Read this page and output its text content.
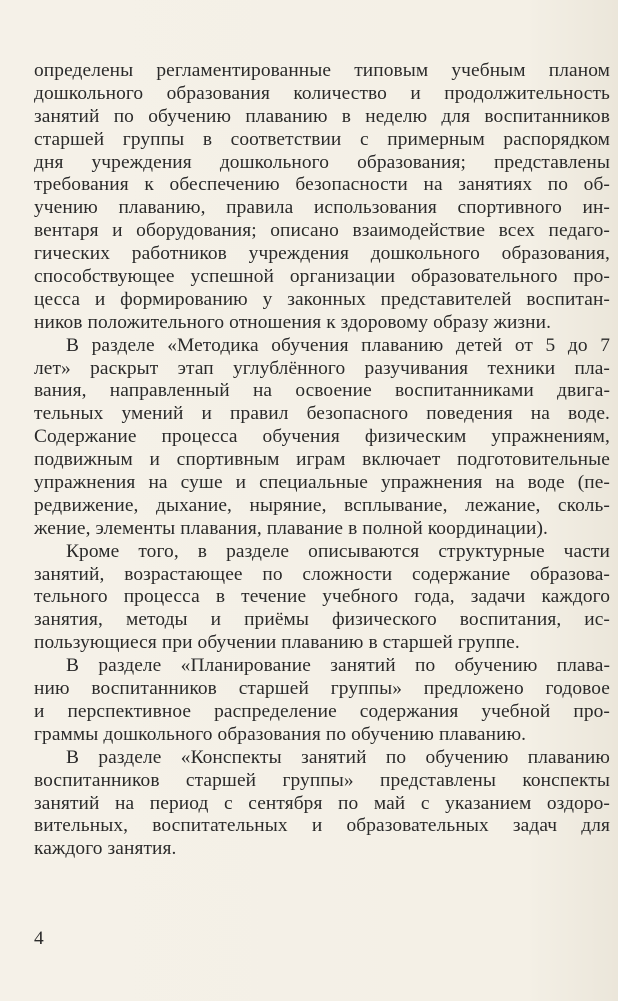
определены регламентированные типовым учебным планом
дошкольного образования количество и продолжительность
занятий по обучению плаванию в неделю для воспитанников
старшей группы в соответствии с примерным распорядком
дня учреждения дошкольного образования; представлены
требования к обеспечению безопасности на занятиях по об-
учению плаванию, правила использования спортивного ин-
вентаря и оборудования; описано взаимодействие всех педаго-
гических работников учреждения дошкольного образования,
способствующее успешной организации образовательного про-
цесса и формированию у законных представителей воспитан-
ников положительного отношения к здоровому образу жизни.
В разделе «Методика обучения плаванию детей от 5 до 7
лет» раскрыт этап углублённого разучивания техники пла-
вания, направленный на освоение воспитанниками двига-
тельных умений и правил безопасного поведения на воде.
Содержание процесса обучения физическим упражнениям,
подвижным и спортивным играм включает подготовительные
упражнения на суше и специальные упражнения на воде (пе-
редвижение, дыхание, ныряние, всплывание, лежание, сколь-
жение, элементы плавания, плавание в полной координации).
Кроме того, в разделе описываются структурные части
занятий, возрастающее по сложности содержание образова-
тельного процесса в течение учебного года, задачи каждого
занятия, методы и приёмы физического воспитания, ис-
пользующиеся при обучении плаванию в старшей группе.
В разделе «Планирование занятий по обучению плава-
нию воспитанников старшей группы» предложено годовое
и перспективное распределение содержания учебной про-
граммы дошкольного образования по обучению плаванию.
В разделе «Конспекты занятий по обучению плаванию
воспитанников старшей группы» представлены конспекты
занятий на период с сентября по май с указанием оздоро-
вительных, воспитательных и образовательных задач для
каждого занятия.
4
